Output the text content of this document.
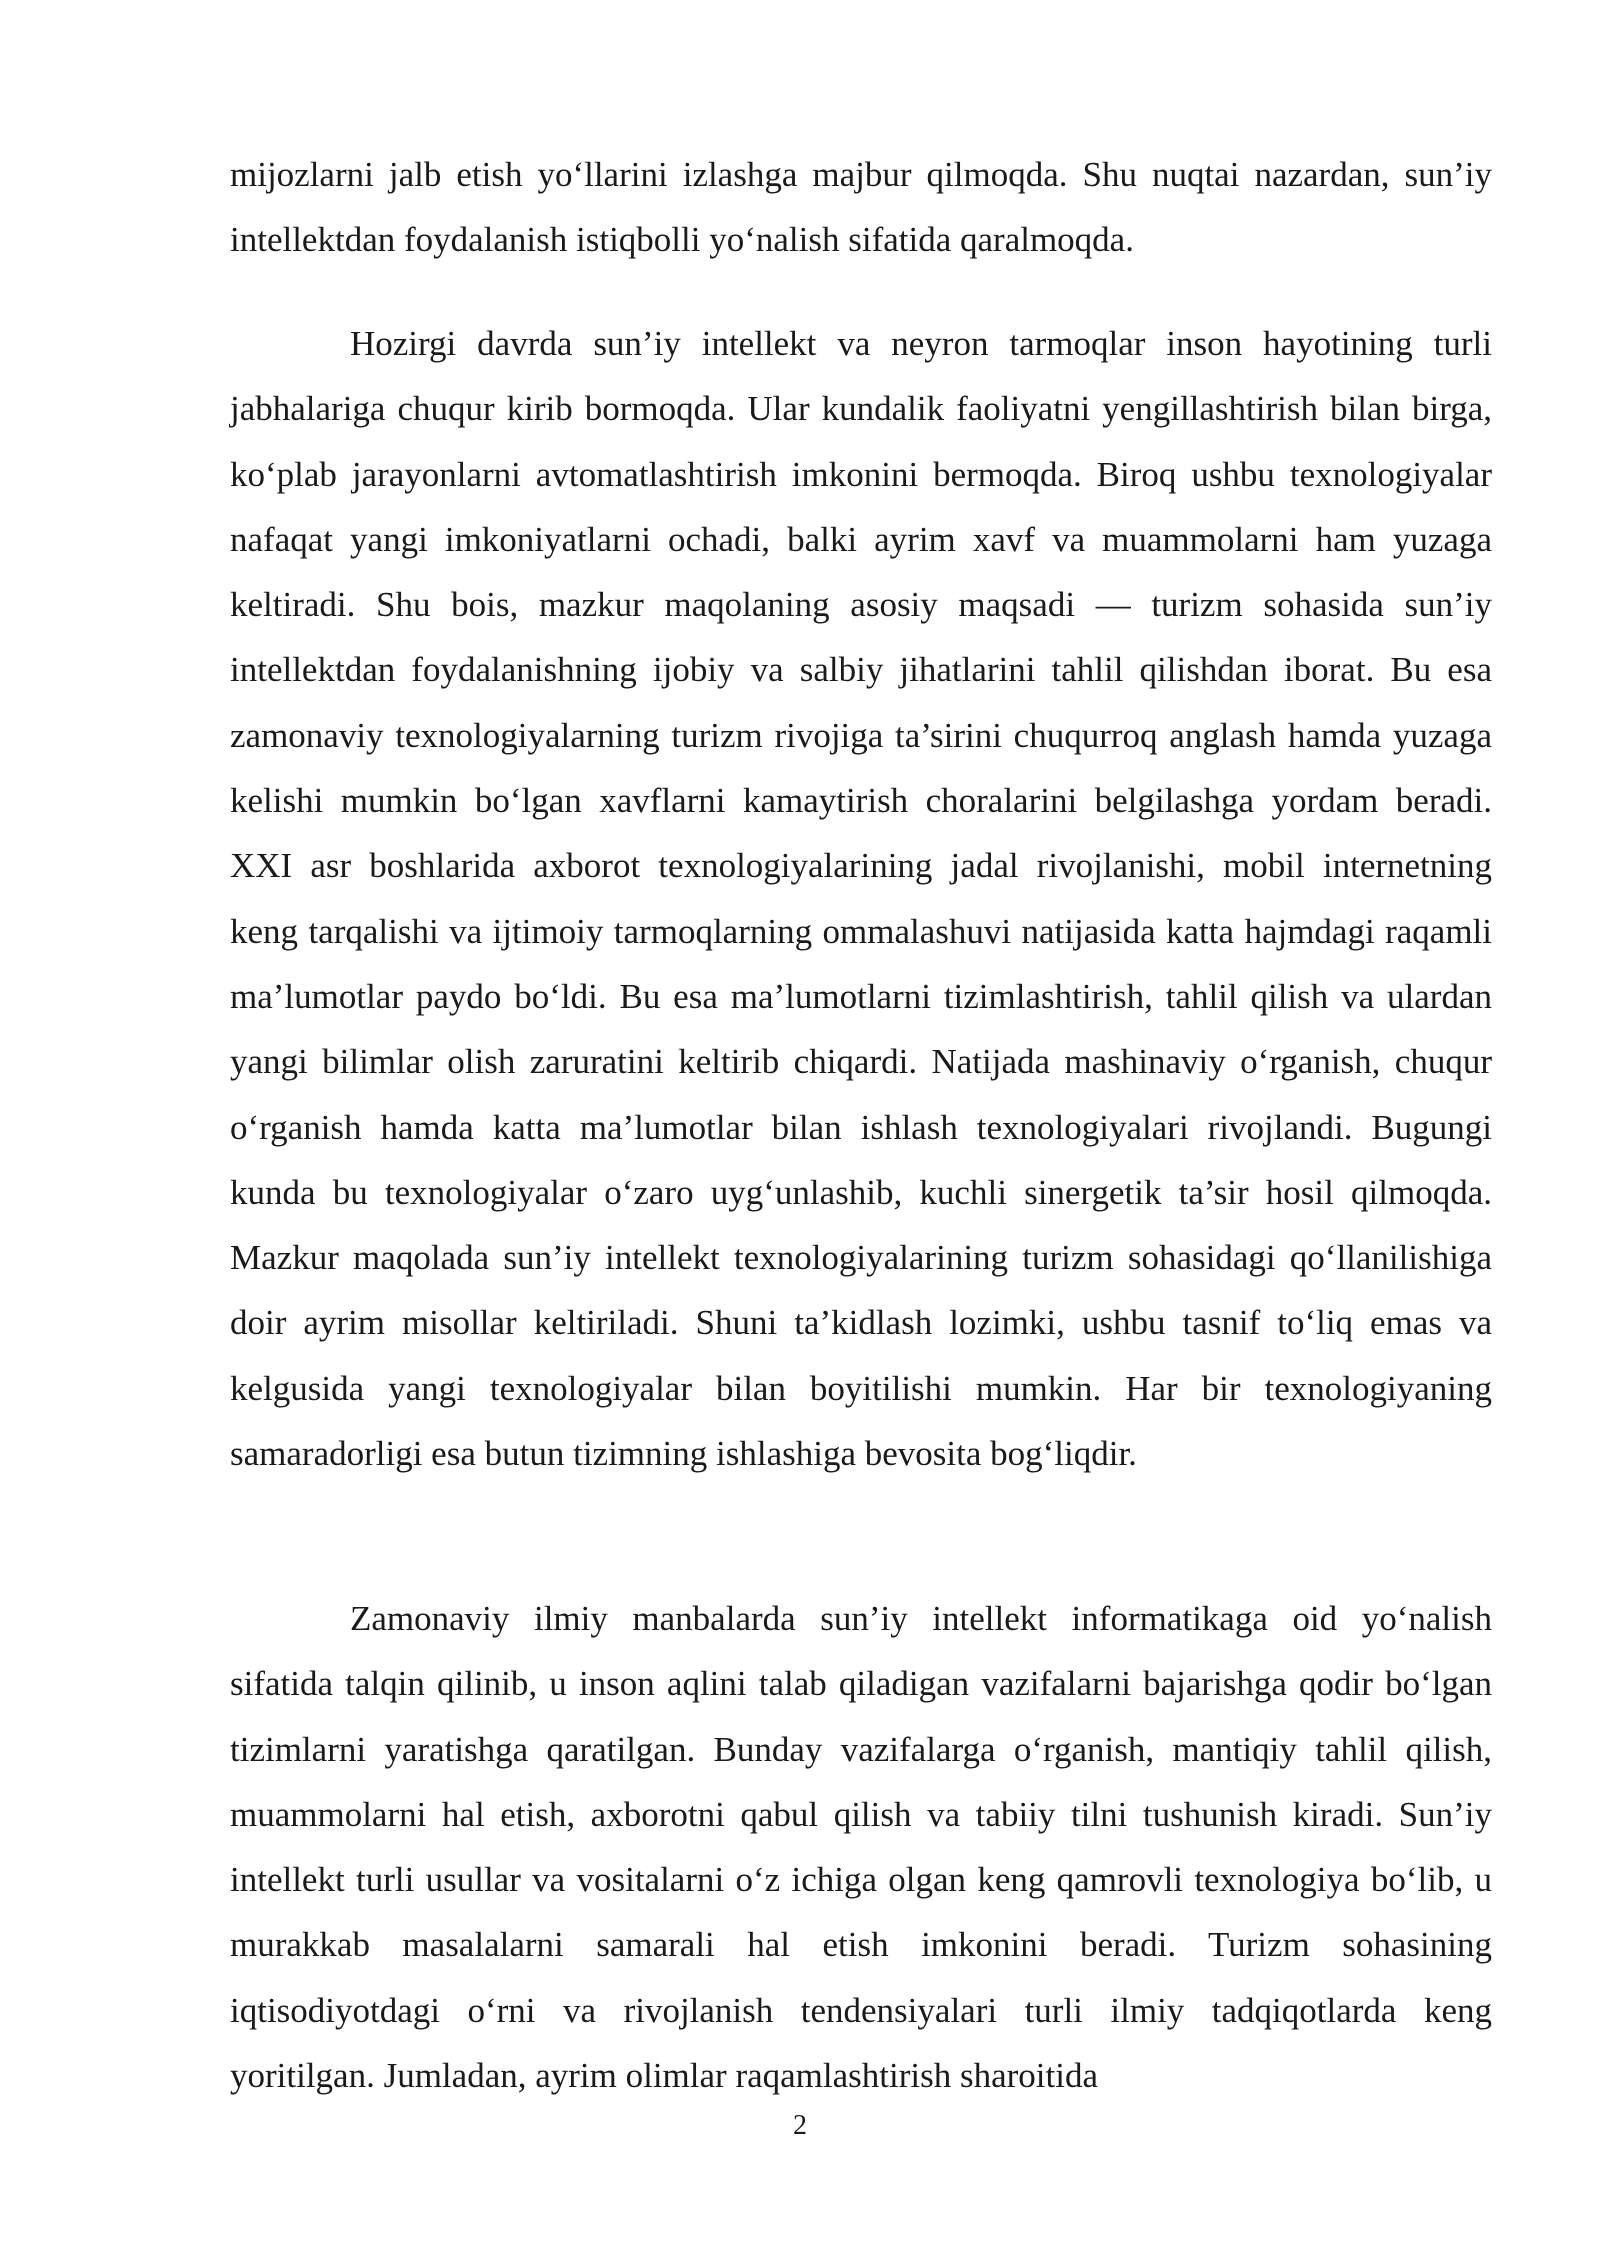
mijozlarni jalb etish yo‘llarini izlashga majbur qilmoqda. Shu nuqtai nazardan, sun’iy intellektdan foydalanish istiqbolli yo‘nalish sifatida qaralmoqda.

Hozirgi davrda sun’iy intellekt va neyron tarmoqlar inson hayotining turli jabhalariga chuqur kirib bormoqda. Ular kundalik faoliyatni yengillashtirish bilan birga, ko‘plab jarayonlarni avtomatlashtirish imkonini bermoqda. Biroq ushbu texnologiyalar nafaqat yangi imkoniyatlarni ochadi, balki ayrim xavf va muammolarni ham yuzaga keltiradi. Shu bois, mazkur maqolaning asosiy maqsadi — turizm sohasida sun’iy intellektdan foydalanishning ijobiy va salbiy jihatlarini tahlil qilishdan iborat. Bu esa zamonaviy texnologiyalarning turizm rivojiga ta’sirini chuqurroq anglash hamda yuzaga kelishi mumkin bo‘lgan xavflarni kamaytirish choralarini belgilashga yordam beradi. XXI asr boshlarida axborot texnologiyalarining jadal rivojlanishi, mobil internetning keng tarqalishi va ijtimoiy tarmoqlarning ommalashuvi natijasida katta hajmdagi raqamli ma’lumotlar paydo bo‘ldi. Bu esa ma’lumotlarni tizimlashtirish, tahlil qilish va ulardan yangi bilimlar olish zaruratini keltirib chiqardi. Natijada mashinaviy o‘rganish, chuqur o‘rganish hamda katta ma’lumotlar bilan ishlash texnologiyalari rivojlandi. Bugungi kunda bu texnologiyalar o‘zaro uyg‘unlashib, kuchli sinergetik ta’sir hosil qilmoqda. Mazkur maqolada sun’iy intellekt texnologiyalarining turizm sohasidagi qo‘llanilishiga doir ayrim misollar keltiriladi. Shuni ta’kidlash lozimki, ushbu tasnif to‘liq emas va kelgusida yangi texnologiyalar bilan boyitilishi mumkin. Har bir texnologiyaning samaradorligi esa butun tizimning ishlashiga bevosita bog‘liqdir.

Zamonaviy ilmiy manbalarda sun’iy intellekt informatikaga oid yo‘nalish sifatida talqin qilinib, u inson aqlini talab qiladigan vazifalarni bajarishga qodir bo‘lgan tizimlarni yaratishga qaratilgan. Bunday vazifalarga o‘rganish, mantiqiy tahlil qilish, muammolarni hal etish, axborotni qabul qilish va tabiiy tilni tushunish kiradi. Sun’iy intellekt turli usullar va vositalarni o‘z ichiga olgan keng qamrovli texnologiya bo‘lib, u murakkab masalalarni samarali hal etish imkonini beradi. Turizm sohasining iqtisodiyotdagi o‘rni va rivojlanish tendensiyalari turli ilmiy tadqiqotlarda keng yoritilgan. Jumladan, ayrim olimlar raqamlashtirish sharoitida

2
